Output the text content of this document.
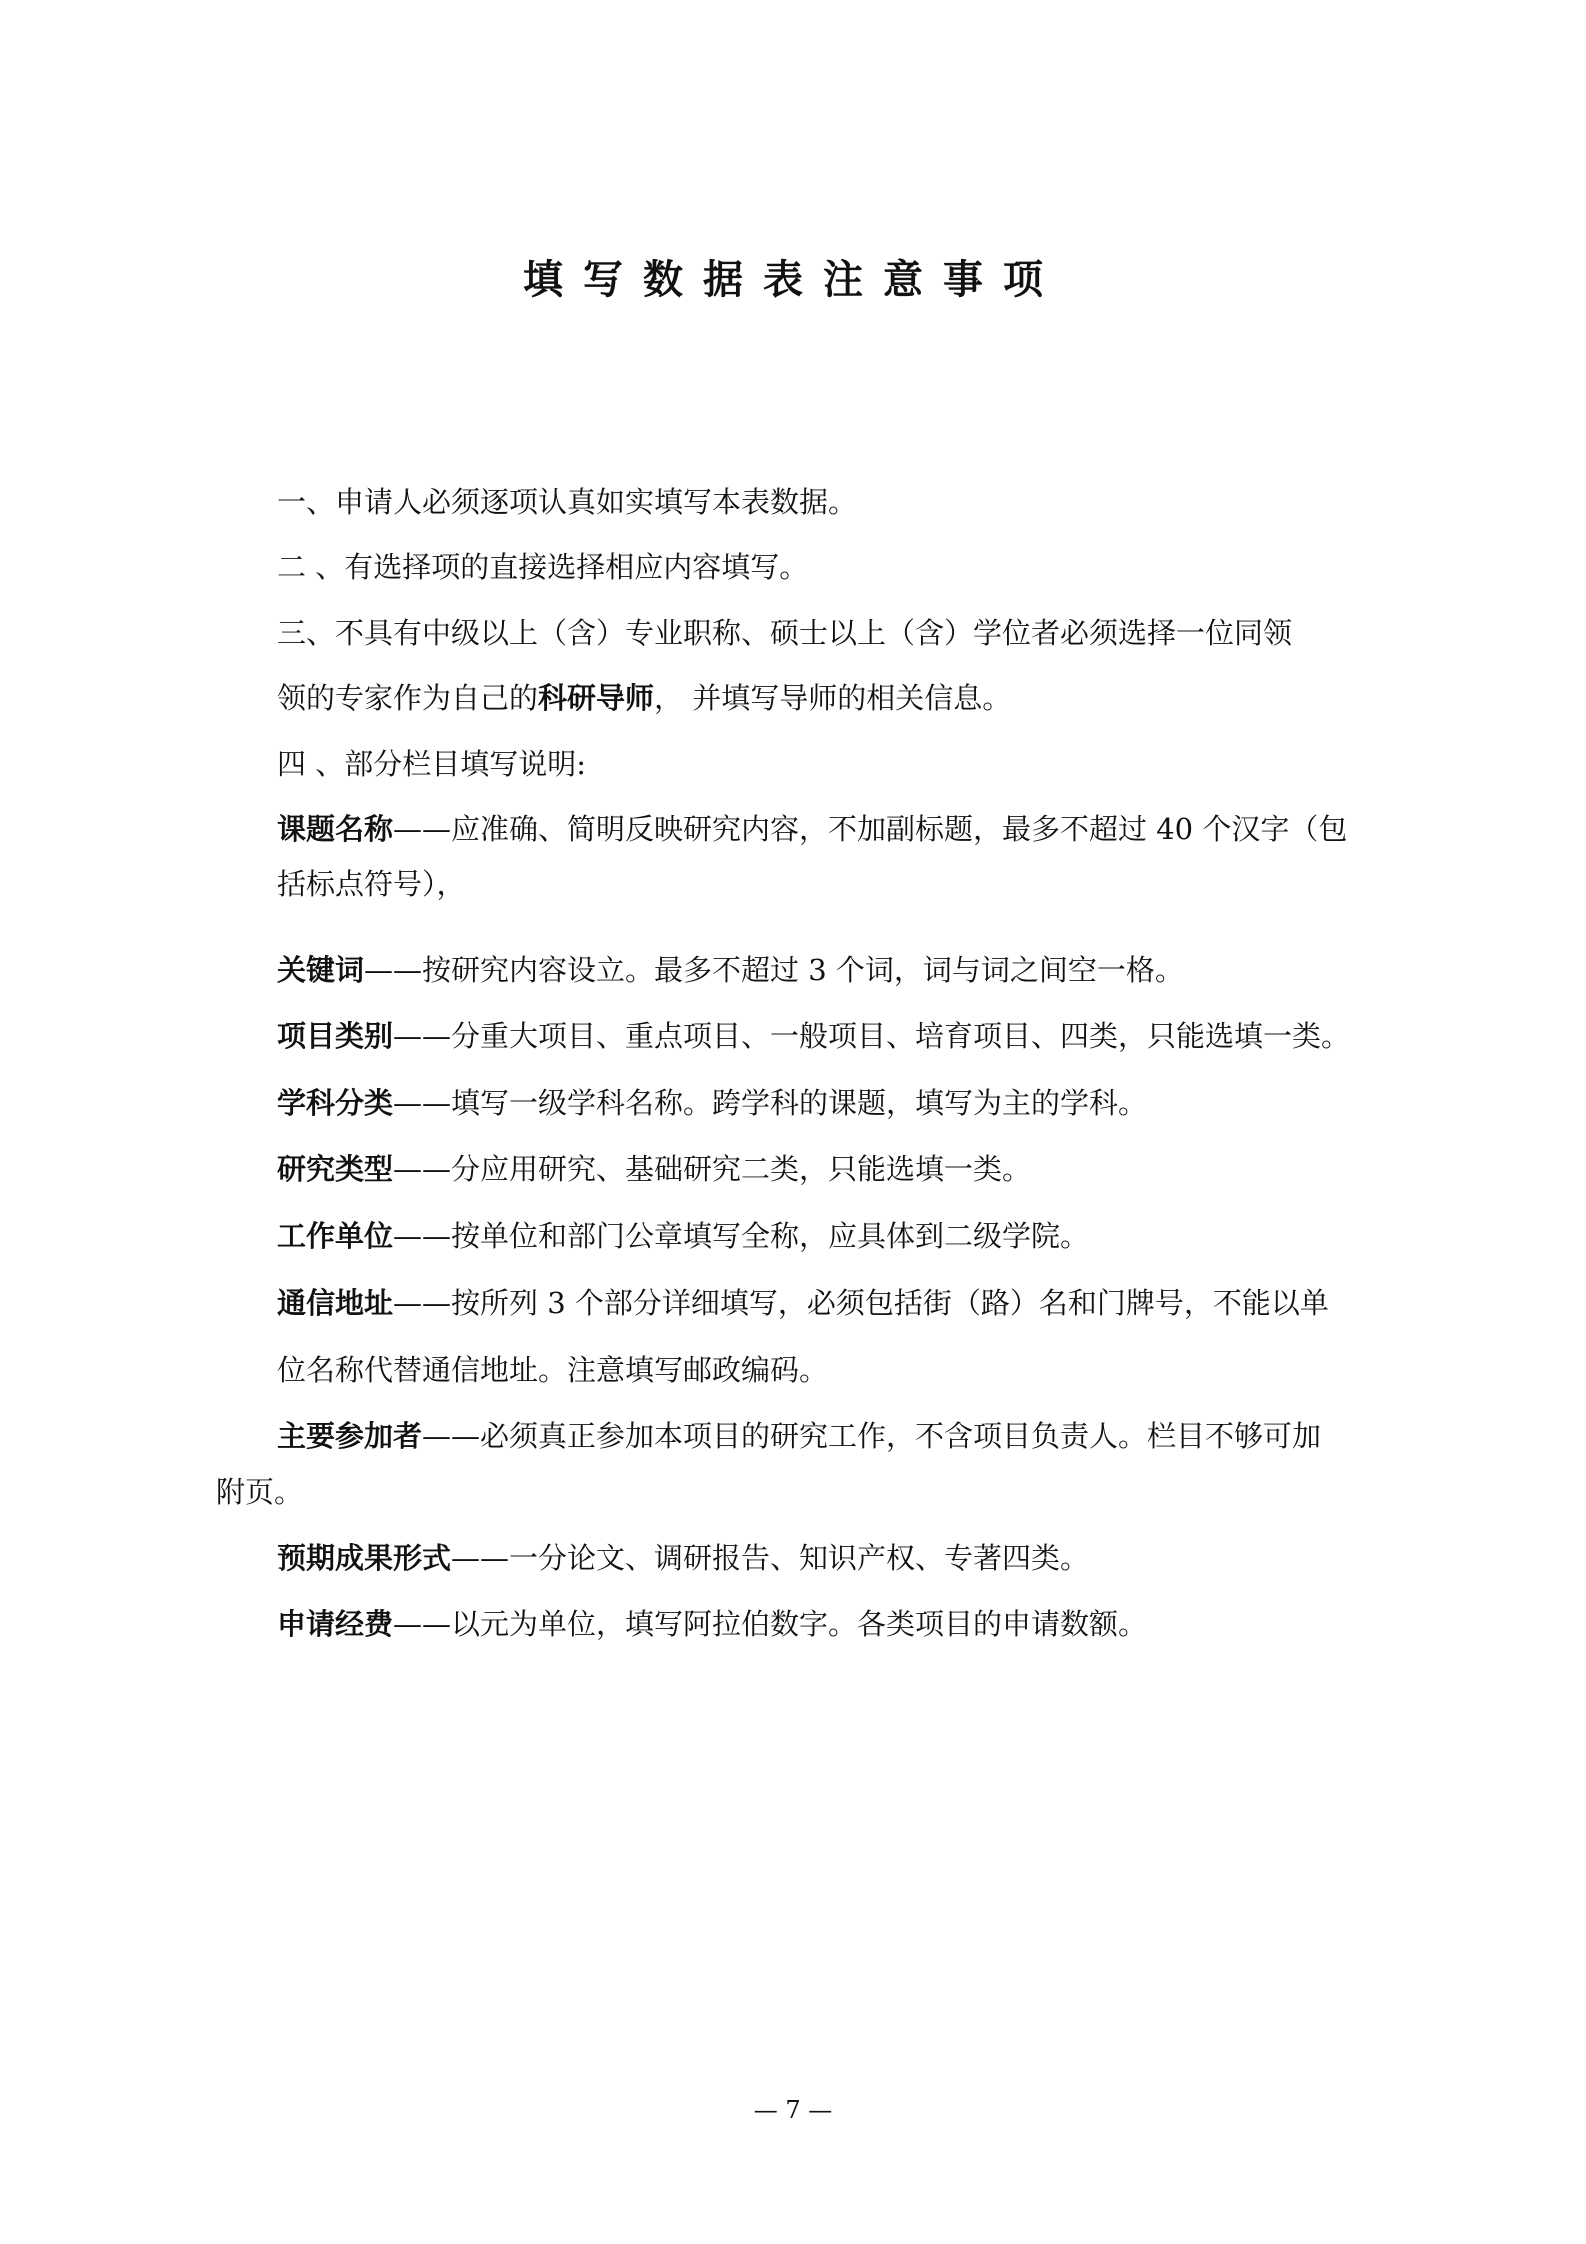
填写数据表注意事项
一、申请人必须逐项认真如实填写本表数据。
二 、有选择项的直接选择相应内容填写。
三、不具有中级以上（含）专业职称、硕士以上（含）学位者必须选择一位同领
领的专家作为自己的科研导师， 并填写导师的相关信息。
四 、部分栏目填写说明:
课题名称——应准确、简明反映研究内容，不加副标题，最多不超过 40 个汉字（包
括标点符号），
关键词——按研究内容设立。最多不超过 3 个词，词与词之间空一格。
项目类别——分重大项目、重点项目、一般项目、培育项目、四类，只能选填一类。
学科分类——填写一级学科名称。跨学科的课题，填写为主的学科。
研究类型——分应用研究、基础研究二类，只能选填一类。
工作单位——按单位和部门公章填写全称，应具体到二级学院。
通信地址——按所列 3 个部分详细填写，必须包括街（路）名和门牌号，不能以单
位名称代替通信地址。注意填写邮政编码。
主要参加者——必须真正参加本项目的研究工作，不含项目负责人。栏目不够可加
附页。
预期成果形式——一分论文、调研报告、知识产权、专著四类。
申请经费——以元为单位，填写阿拉伯数字。各类项目的申请数额。
— 7 —
